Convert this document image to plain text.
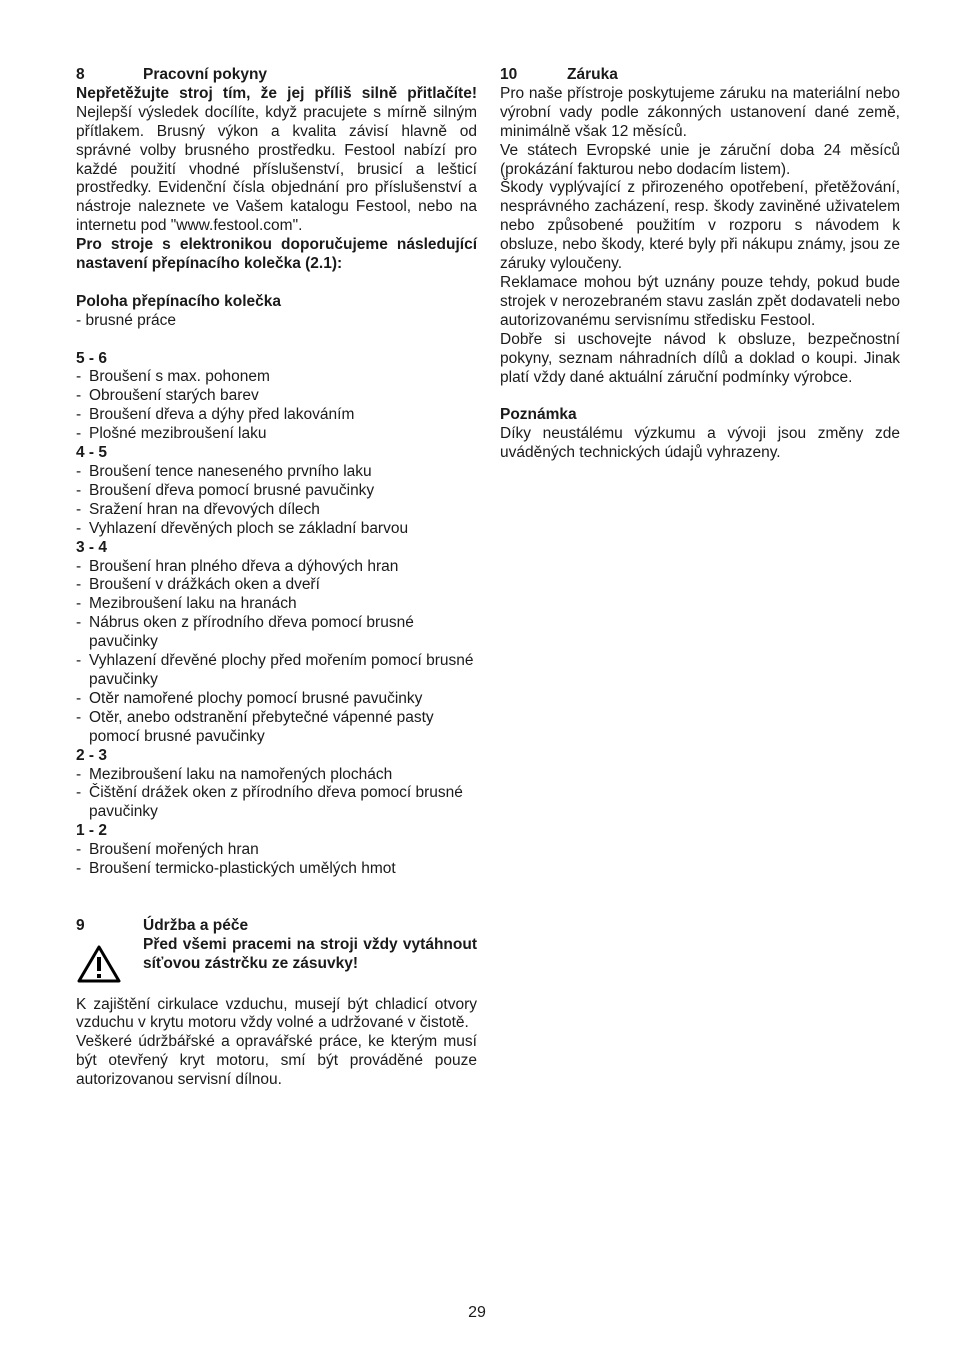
8	Pracovní pokyny

Nepřetěžujte stroj tím, že jej příliš silně přitlačíte! Nejlepší výsledek docílíte, když pracujete s mírně silným přítlakem. Brusný výkon a kvalita závisí hlavně od správné volby brusného prostředku. Festool nabízí pro každé použití vhodné příslušenství, brusicí a lešticí prostředky. Evidenční čísla objednání pro příslušenství a nástroje naleznete ve Vašem katalogu Festool, nebo na internetu pod "www.festool.com".

Pro stroje s elektronikou doporučujeme následující nastavení přepínacího kolečka (2.1):

Poloha přepínacího kolečka

- brusné práce

5 - 6

- Broušení s max. pohonem
- Obroušení starých barev
- Broušení dřeva a dýhy před lakováním
- Plošné mezibroušení laku

4 - 5

- Broušení tence naneseného prvního laku
- Broušení dřeva pomocí brusné pavučinky
- Sražení hran na dřevových dílech
- Vyhlazení dřevěných ploch se základní barvou

3 - 4

- Broušení hran plného dřeva a dýhových hran
- Broušení v drážkách oken a dveří
- Mezibroušení laku na hranách
- Nábrus oken z přírodního dřeva pomocí brusné pavučinky
- Vyhlazení dřevěné plochy před mořením pomocí brusné pavučinky
- Otěr namořené plochy pomocí brusné pavučinky
- Otěr, anebo odstranění přebytečné vápenné pasty pomocí brusné pavučinky

2 - 3

- Mezibroušení laku na namořených plochách
- Čištění drážek oken z přírodního dřeva pomocí brusné pavučinky

1 - 2

- Broušení mořených hran
- Broušení termicko-plastických umělých hmot
9	Údržba a péče

Před všemi pracemi na stroji vždy vytáhnout síťovou zástrčku ze zásuvky!

K zajištění cirkulace vzduchu, musejí být chladicí otvory vzduchu v krytu motoru vždy volné a udržované v čistotě.

Veškeré údržbářské a opravářské práce, ke kterým musí být otevřený kryt motoru, smí být prováděné pouze autorizovanou servisní dílnou.

10	Záruka

Pro naše přístroje poskytujeme záruku na materiální nebo výrobní vady podle zákonných ustanovení dané země, minimálně však 12 měsíců.

Ve státech Evropské unie je záruční doba 24 měsíců (prokázání fakturou nebo dodacím listem).

Škody vyplývající z přirozeného opotřebení, přetěžování, nesprávného zacházení, resp. škody zaviněné uživatelem nebo způsobené použitím v rozporu s návodem k obsluze, nebo škody, které byly při nákupu známy, jsou ze záruky vyloučeny.

Reklamace mohou být uznány pouze tehdy, pokud bude strojek v nerozebraném stavu zaslán zpět dodavateli nebo autorizovanému servisnímu středisku Festool.

Dobře si uschovejte návod k obsluze, bezpečnostní pokyny, seznam náhradních dílů a doklad o koupi. Jinak platí vždy dané aktuální záruční podmínky výrobce.

Poznámka

Díky neustálému výzkumu a vývoji jsou změny zde uváděných technických údajů vyhrazeny.

29
